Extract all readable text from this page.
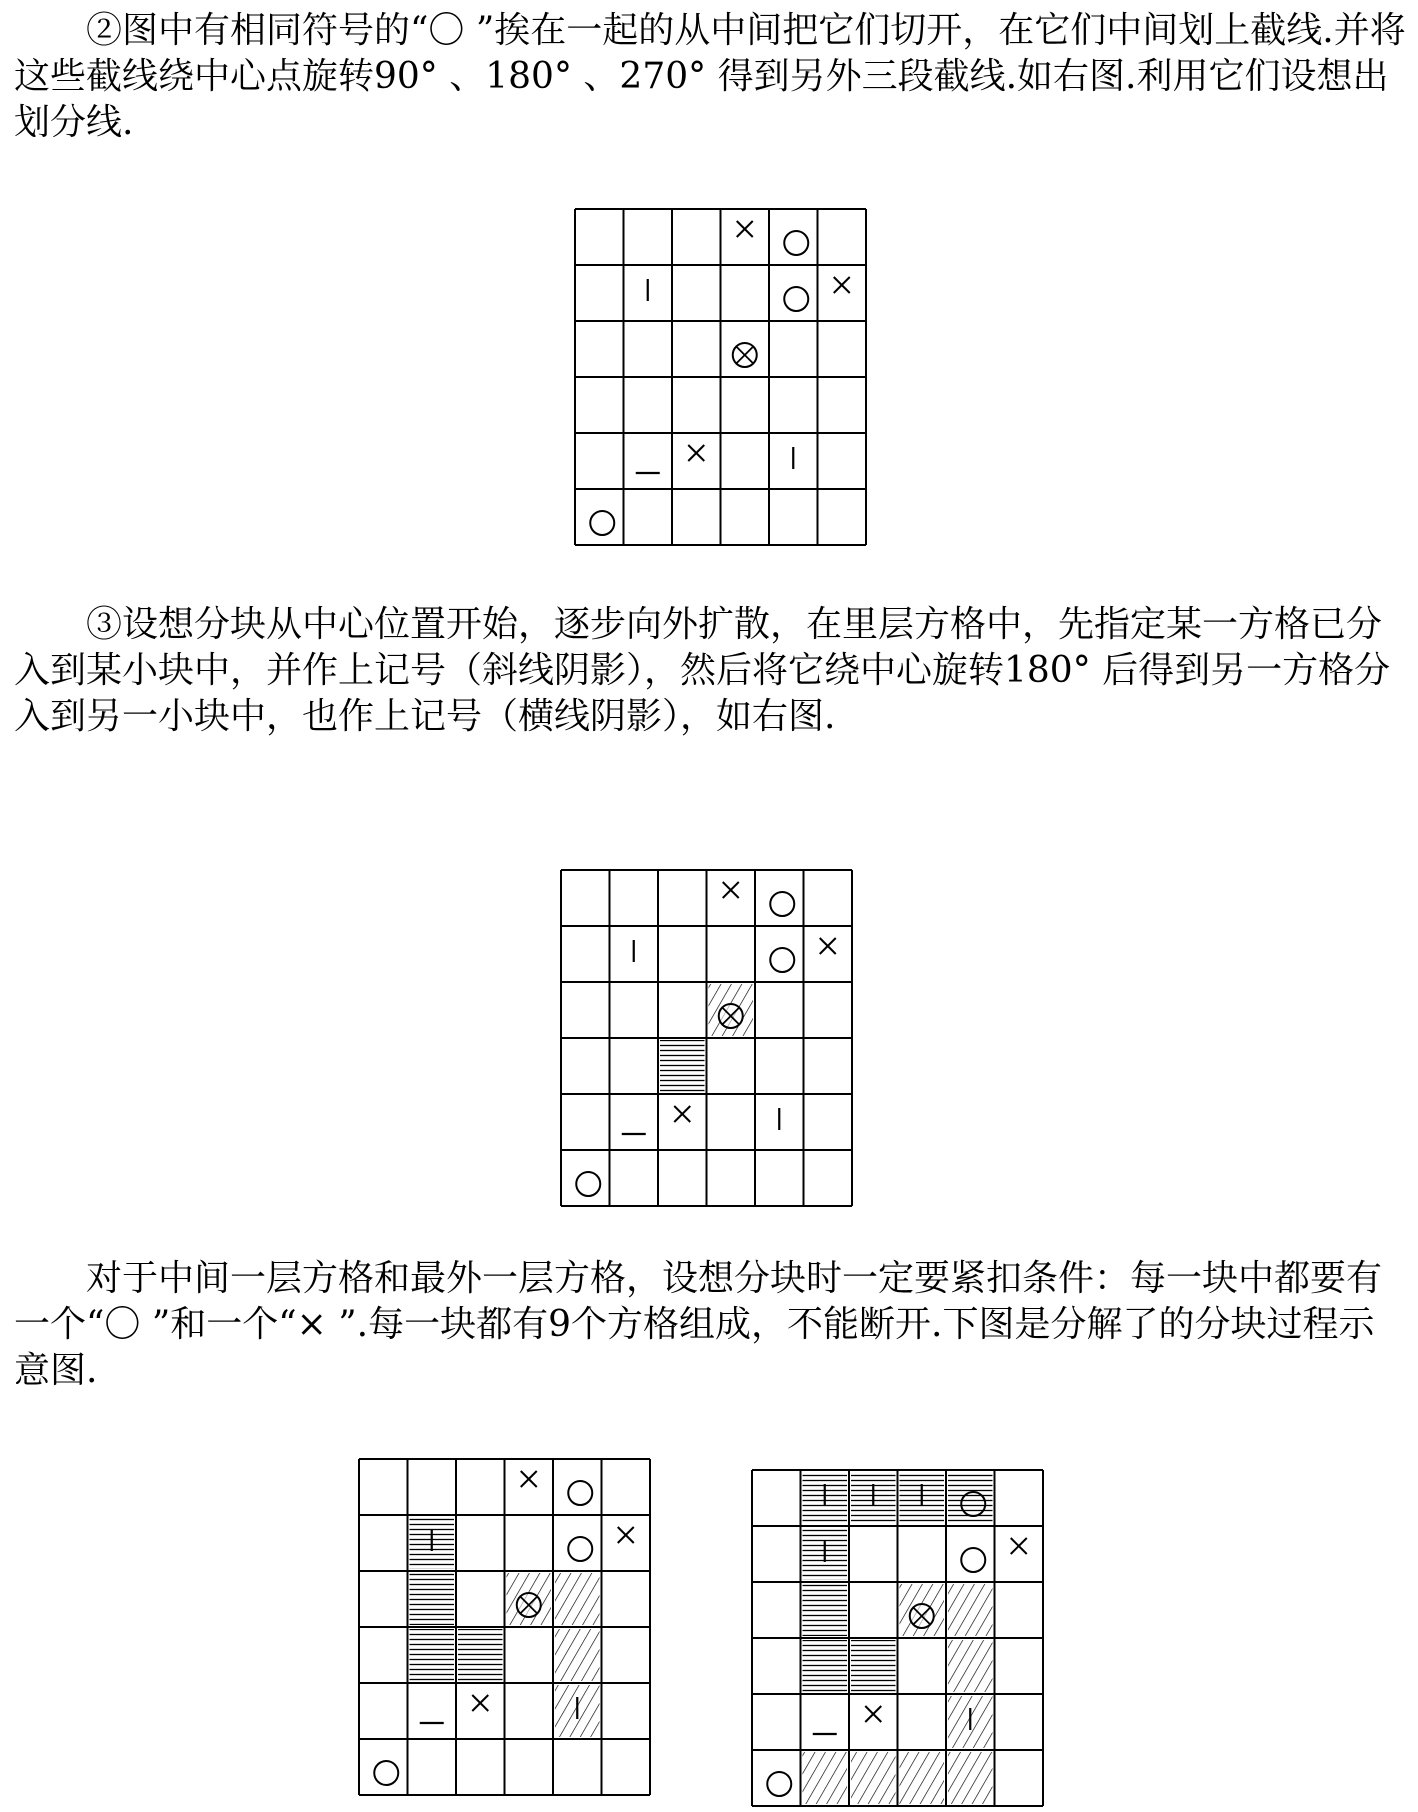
②图中有相同符号的“〇 ”挨在一起的从中间把它们切开，在它们中间划上截线.并将这些截线绕中心点旋转90° 、180° 、270° 得到另外三段截线.如右图.利用它们设想出划分线.

③设想分块从中心位置开始，逐步向外扩散，在里层方格中，先指定某一方格已分入到某小块中，并作上记号（斜线阴影），然后将它绕中心旋转180° 后得到另一方格分入到另一小块中，也作上记号（横线阴影），如右图.

对于中间一层方格和最外一层方格，设想分块时一定要紧扣条件：每一块中都要有一个“〇 ”和一个“× ”.每一块都有9个方格组成，不能断开.下图是分解了的分块过程示意图.
